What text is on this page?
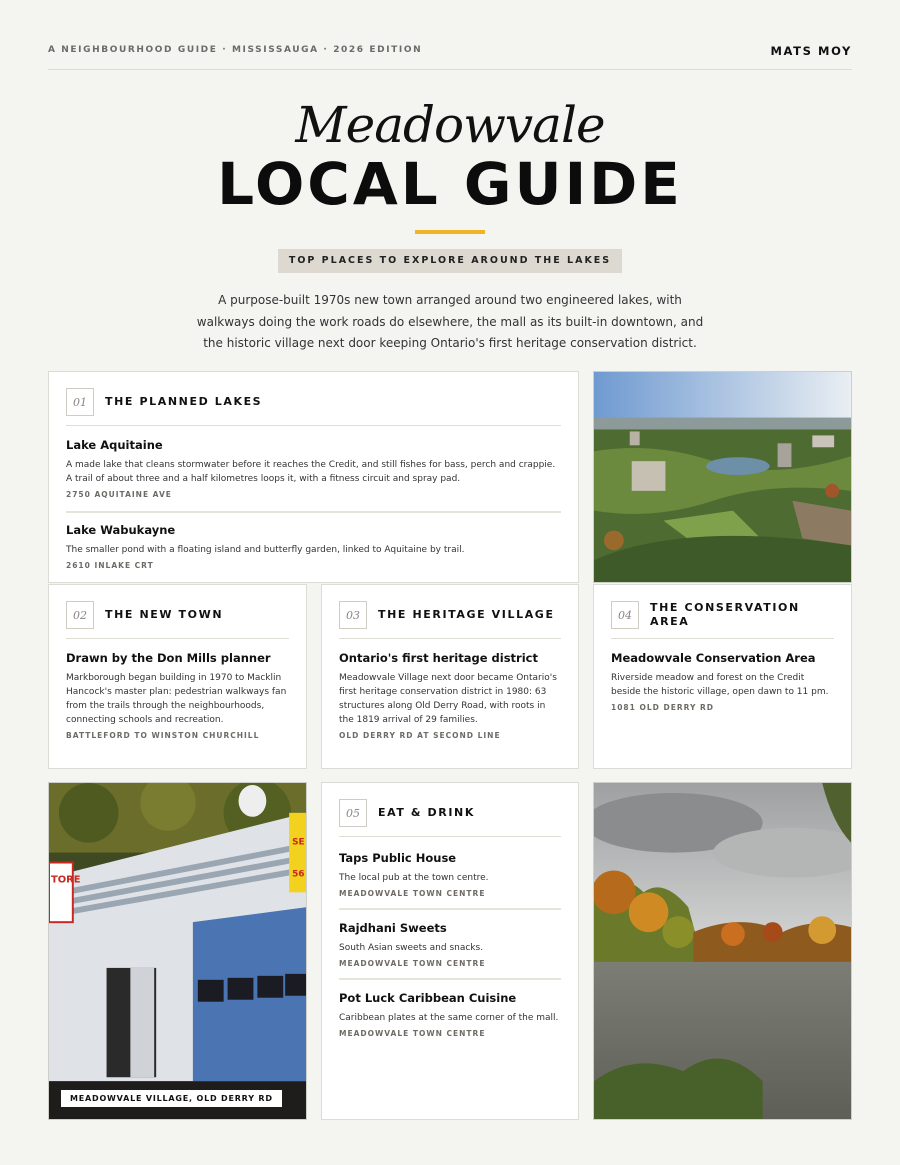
A NEIGHBOURHOOD GUIDE · MISSISSAUGA · 2026 EDITION	MATS MOY
Meadowvale
LOCAL GUIDE
TOP PLACES TO EXPLORE AROUND THE LAKES

A purpose-built 1970s new town arranged around two engineered lakes, with walkways doing the work roads do elsewhere, the mall as its built-in downtown, and the historic village next door keeping Ontario's first heritage conservation district.

01	THE PLANNED LAKES
Lake Aquitaine

A made lake that cleans stormwater before it reaches the Credit, and still fishes for bass, perch and crappie. A trail of about three and a half kilometres loops it, with a fitness circuit and spray pad.

2750 AQUITAINE AVE
Lake Wabukayne

The smaller pond with a floating island and butterfly garden, linked to Aquitaine by trail.

2610 INLAKE CRT
02	THE NEW TOWN
Drawn by the Don Mills planner

Markborough began building in 1970 to Macklin Hancock's master plan: pedestrian walkways fan from the trails through the neighbourhoods, connecting schools and recreation.

BATTLEFORD TO WINSTON CHURCHILL
03	THE HERITAGE VILLAGE
Ontario's first heritage district

Meadowvale Village next door became Ontario's first heritage conservation district in 1980: 63 structures along Old Derry Road, with roots in the 1819 arrival of 29 families.

OLD DERRY RD AT SECOND LINE
04
THE CONSERVATION
AREA
Meadowvale Conservation Area

Riverside meadow and forest on the Credit beside the historic village, open dawn to 11 pm.

1081 OLD DERRY RD
TORE
SE
56
MEADOWVALE VILLAGE, OLD DERRY RD
05	EAT & DRINK
Taps Public House

The local pub at the town centre.

MEADOWVALE TOWN CENTRE
Rajdhani Sweets

South Asian sweets and snacks.

MEADOWVALE TOWN CENTRE
Pot Luck Caribbean Cuisine

Caribbean plates at the same corner of the mall.

MEADOWVALE TOWN CENTRE
